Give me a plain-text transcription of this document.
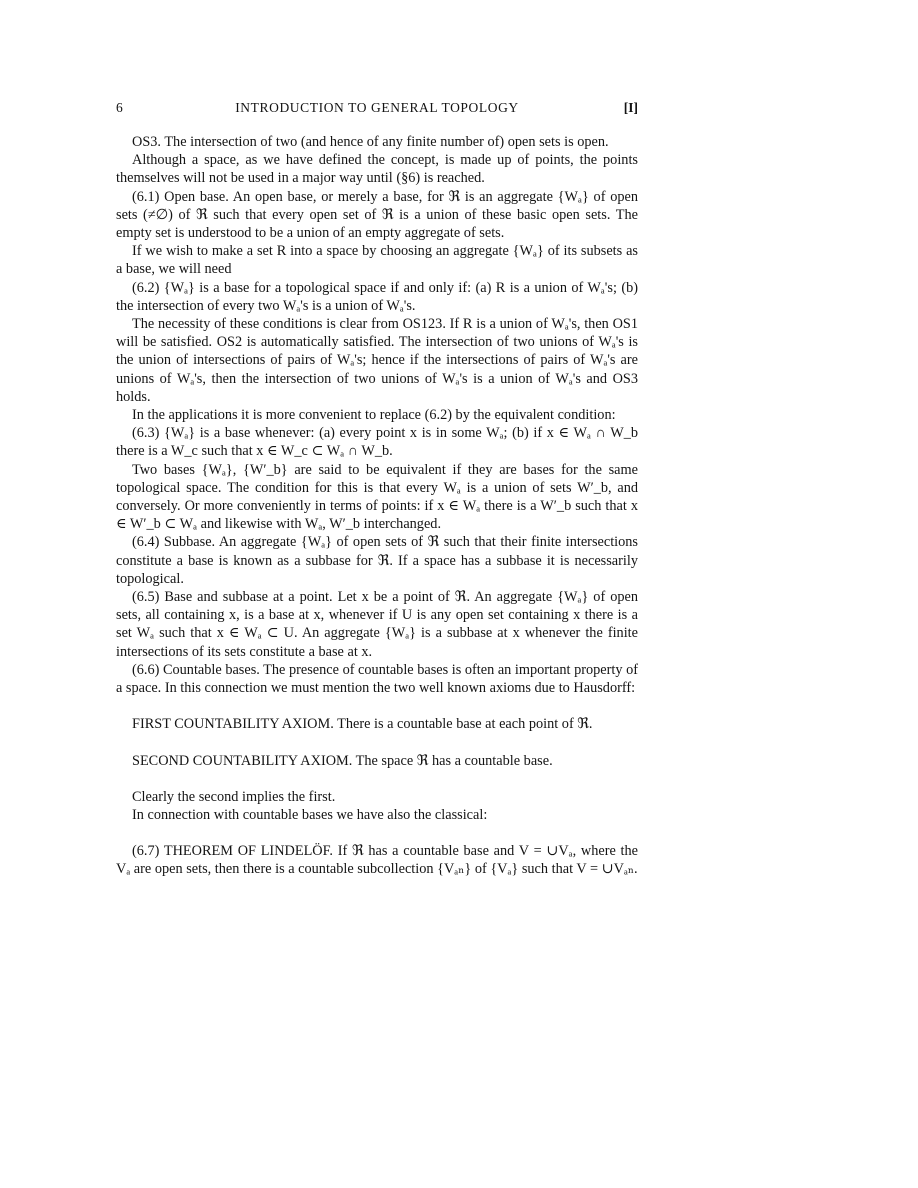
6	INTRODUCTION TO GENERAL TOPOLOGY	[I]

OS3. The intersection of two (and hence of any finite number of) open sets is open.

Although a space, as we have defined the concept, is made up of points, the points themselves will not be used in a major way until (§6) is reached.

(6.1) Open base. An open base, or merely a base, for ℜ is an aggregate {Wₐ} of open sets (≠∅) of ℜ such that every open set of ℜ is a union of these basic open sets. The empty set is understood to be a union of an empty aggregate of sets.

If we wish to make a set R into a space by choosing an aggregate {Wₐ} of its subsets as a base, we will need

(6.2) {Wₐ} is a base for a topological space if and only if: (a) R is a union of Wₐ's; (b) the intersection of every two Wₐ's is a union of Wₐ's.

The necessity of these conditions is clear from OS123. If R is a union of Wₐ's, then OS1 will be satisfied. OS2 is automatically satisfied. The intersection of two unions of Wₐ's is the union of intersections of pairs of Wₐ's; hence if the intersections of pairs of Wₐ's are unions of Wₐ's, then the intersection of two unions of Wₐ's is a union of Wₐ's and OS3 holds.

In the applications it is more convenient to replace (6.2) by the equivalent condition:

(6.3) {Wₐ} is a base whenever: (a) every point x is in some Wₐ; (b) if x ∈ Wₐ ∩ W_b there is a W_c such that x ∈ W_c ⊂ Wₐ ∩ W_b.

Two bases {Wₐ}, {W′_b} are said to be equivalent if they are bases for the same topological space. The condition for this is that every Wₐ is a union of sets W′_b, and conversely. Or more conveniently in terms of points: if x ∈ Wₐ there is a W′_b such that x ∈ W′_b ⊂ Wₐ and likewise with Wₐ, W′_b interchanged.

(6.4) Subbase. An aggregate {Wₐ} of open sets of ℜ such that their finite intersections constitute a base is known as a subbase for ℜ. If a space has a subbase it is necessarily topological.

(6.5) Base and subbase at a point. Let x be a point of ℜ. An aggregate {Wₐ} of open sets, all containing x, is a base at x, whenever if U is any open set containing x there is a set Wₐ such that x ∈ Wₐ ⊂ U. An aggregate {Wₐ} is a subbase at x whenever the finite intersections of its sets constitute a base at x.

(6.6) Countable bases. The presence of countable bases is often an important property of a space. In this connection we must mention the two well known axioms due to Hausdorff:

FIRST COUNTABILITY AXIOM. There is a countable base at each point of ℜ.

SECOND COUNTABILITY AXIOM. The space ℜ has a countable base.

Clearly the second implies the first.

In connection with countable bases we have also the classical:

(6.7) THEOREM OF LINDELÖF. If ℜ has a countable base and V = ∪Vₐ, where the Vₐ are open sets, then there is a countable subcollection {Vₐₙ} of {Vₐ} such that V = ∪Vₐₙ.
